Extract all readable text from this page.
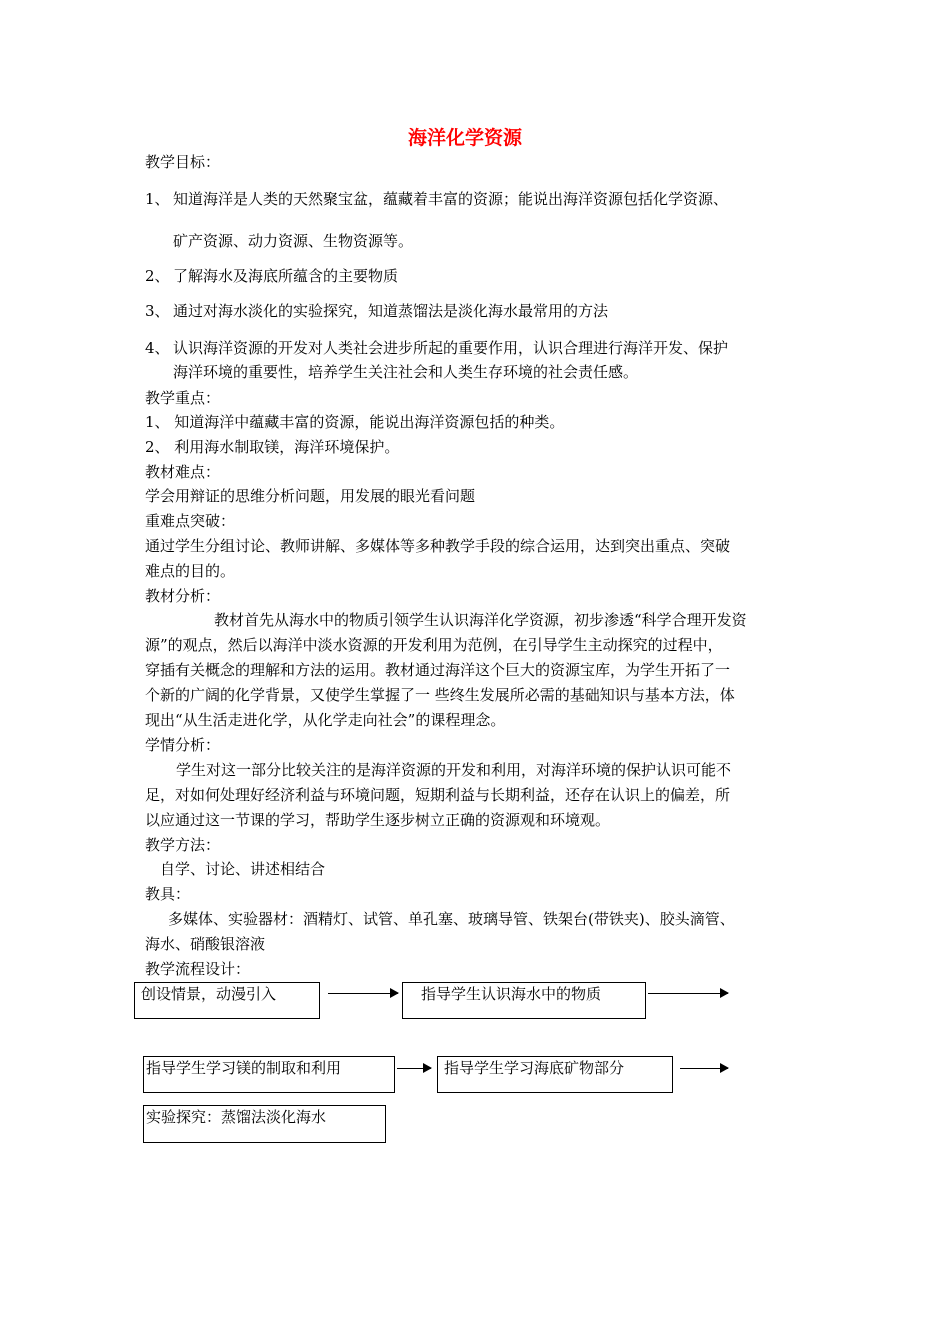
海洋化学资源
教学目标：
1、 知道海洋是人类的天然聚宝盆，蕴藏着丰富的资源；能说出海洋资源包括化学资源、
矿产资源、动力资源、生物资源等。
2、 了解海水及海底所蕴含的主要物质
3、 通过对海水淡化的实验探究，知道蒸馏法是淡化海水最常用的方法
4、 认识海洋资源的开发对人类社会进步所起的重要作用，认识合理进行海洋开发、保护
海洋环境的重要性，培养学生关注社会和人类生存环境的社会责任感。
教学重点：
1、 知道海洋中蕴藏丰富的资源，能说出海洋资源包括的种类。
2、 利用海水制取镁，海洋环境保护。
教材难点：
学会用辩证的思维分析问题，用发展的眼光看问题
重难点突破：
通过学生分组讨论、教师讲解、多媒体等多种教学手段的综合运用，达到突出重点、突破
难点的目的。
教材分析：
教材首先从海水中的物质引领学生认识海洋化学资源，初步渗透“科学合理开发资
源”的观点，然后以海洋中淡水资源的开发利用为范例，在引导学生主动探究的过程中，
穿插有关概念的理解和方法的运用。教材通过海洋这个巨大的资源宝库，为学生开拓了一
个新的广阔的化学背景，又使学生掌握了一 些终生发展所必需的基础知识与基本方法，体
现出“从生活走进化学，从化学走向社会”的课程理念。
学情分析：
学生对这一部分比较关注的是海洋资源的开发和利用，对海洋环境的保护认识可能不
足，对如何处理好经济利益与环境问题，短期利益与长期利益，还存在认识上的偏差，所
以应通过这一节课的学习，帮助学生逐步树立正确的资源观和环境观。
教学方法：
自学、讨论、讲述相结合
教具：
多媒体、实验器材：酒精灯、试管、单孔塞、玻璃导管、铁架台(带铁夹)、胶头滴管、
海水、硝酸银溶液
教学流程设计：
创设情景，动漫引入	指导学生认识海水中的物质
指导学生学习镁的制取和利用	指导学生学习海底矿物部分
实验探究：蒸馏法淡化海水
